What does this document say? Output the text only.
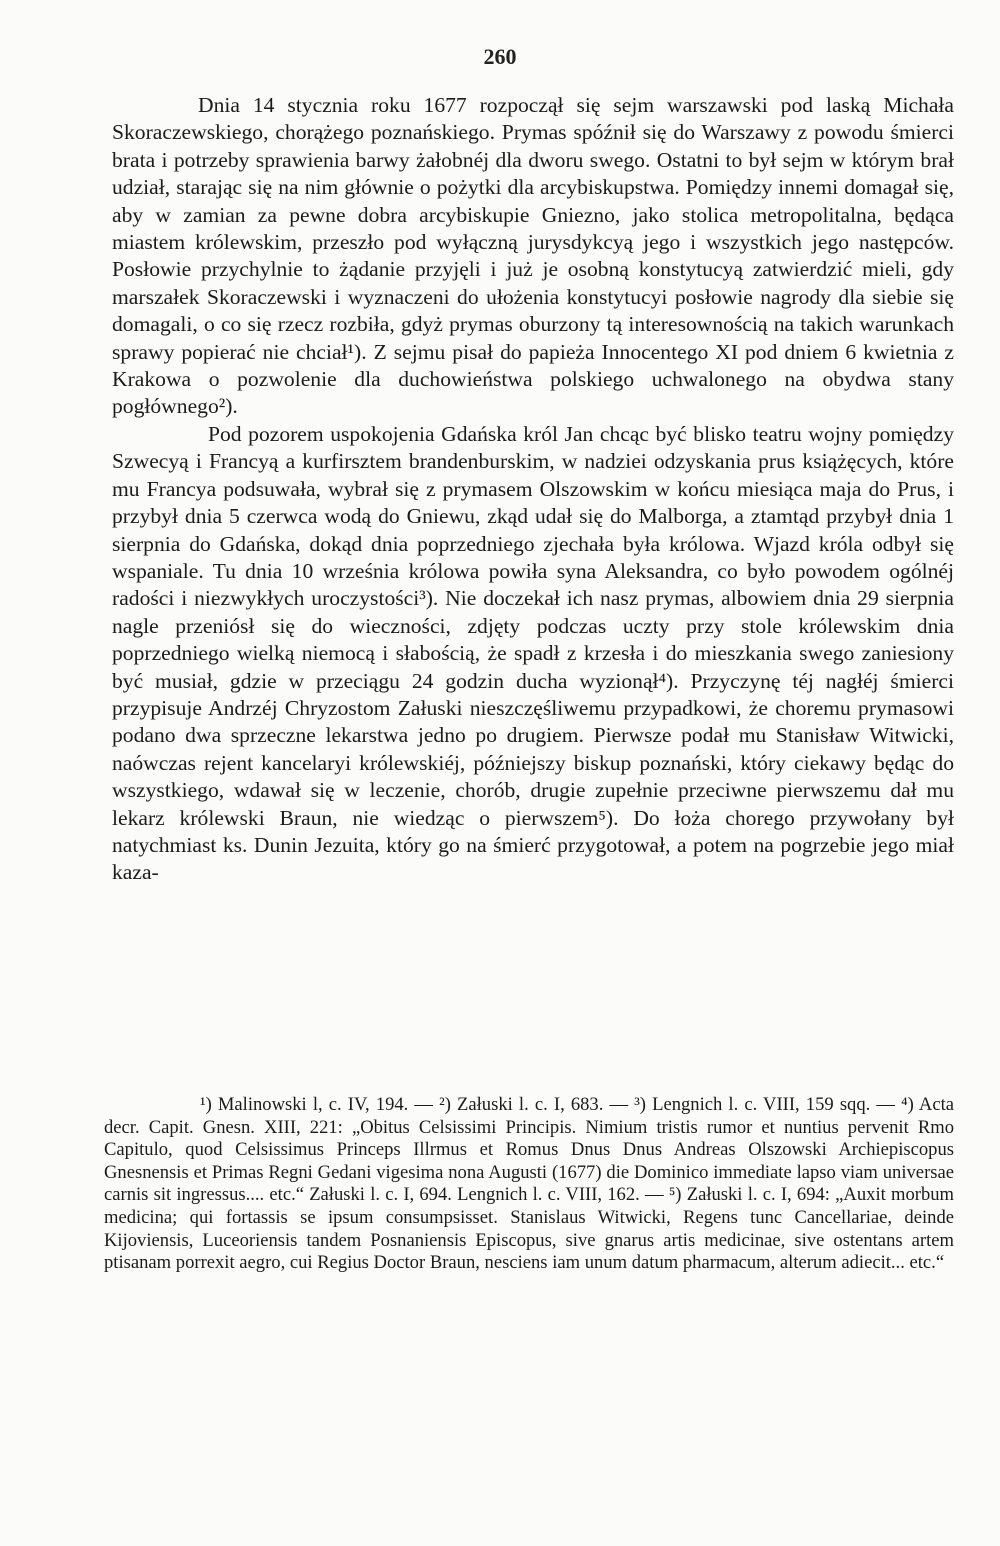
260

Dnia 14 stycznia roku 1677 rozpoczął się sejm warszawski pod laską Michała Skoraczewskiego, chorążego poznańskiego. Prymas spóźnił się do Warszawy z powodu śmierci brata i potrzeby sprawienia barwy żałobnéj dla dworu swego. Ostatni to był sejm w którym brał udział, starając się na nim głównie o pożytki dla arcybiskupstwa. Pomiędzy innemi domagał się, aby w zamian za pewne dobra arcybiskupie Gniezno, jako stolica metropolitalna, będąca miastem królewskim, przeszło pod wyłączną jurysdykcyą jego i wszystkich jego następców. Posłowie przychylnie to żądanie przyjęli i już je osobną konstytucyą zatwierdzić mieli, gdy marszałek Skoraczewski i wyznaczeni do ułożenia konstytucyi posłowie nagrody dla siebie się domagali, o co się rzecz rozbiła, gdyż prymas oburzony tą interesownością na takich warunkach sprawy popierać nie chciał¹). Z sejmu pisał do papieża Innocentego XI pod dniem 6 kwietnia z Krakowa o pozwolenie dla duchowieństwa polskiego uchwalonego na obydwa stany pogłównego²).

Pod pozorem uspokojenia Gdańska król Jan chcąc być blisko teatru wojny pomiędzy Szwecyą i Francyą a kurfirsztem brandenburskim, w nadziei odzyskania prus książęcych, które mu Francya podsuwała, wybrał się z prymasem Olszowskim w końcu miesiąca maja do Prus, i przybył dnia 5 czerwca wodą do Gniewu, zkąd udał się do Malborga, a ztamtąd przybył dnia 1 sierpnia do Gdańska, dokąd dnia poprzedniego zjechała była królowa. Wjazd króla odbył się wspaniale. Tu dnia 10 września królowa powiła syna Aleksandra, co było powodem ogólnéj radości i niezwykłych uroczystości³). Nie doczekał ich nasz prymas, albowiem dnia 29 sierpnia nagle przeniósł się do wieczności, zdjęty podczas uczty przy stole królewskim dnia poprzedniego wielką niemocą i słabością, że spadł z krzesła i do mieszkania swego zaniesiony być musiał, gdzie w przeciągu 24 godzin ducha wyzionął⁴). Przyczynę téj nagłéj śmierci przypisuje Andrzéj Chryzostom Załuski nieszczęśliwemu przypadkowi, że choremu prymasowi podano dwa sprzeczne lekarstwa jedno po drugiem. Pierwsze podał mu Stanisław Witwicki, naówczas rejent kancelaryi królewskiéj, późniejszy biskup poznański, który ciekawy będąc do wszystkiego, wdawał się w leczenie, chorób, drugie zupełnie przeciwne pierwszemu dał mu lekarz królewski Braun, nie wiedząc o pierwszem⁵). Do łoża chorego przywołany był natychmiast ks. Dunin Jezuita, który go na śmierć przygotował, a potem na pogrzebie jego miał kaza-

¹) Malinowski l, c. IV, 194. — ²) Załuski l. c. I, 683. — ³) Lengnich l. c. VIII, 159 sqq. — ⁴) Acta decr. Capit. Gnesn. XIII, 221: „Obitus Celsissimi Principis. Nimium tristis rumor et nuntius pervenit Rmo Capitulo, quod Celsissimus Princeps Illrmus et Romus Dnus Dnus Andreas Olszowski Archiepiscopus Gnesnensis et Primas Regni Gedani vigesima nona Augusti (1677) die Dominico immediate lapso viam universae carnis sit ingressus.... etc.“ Załuski l. c. I, 694. Lengnich l. c. VIII, 162. — ⁵) Załuski l. c. I, 694: „Auxit morbum medicina; qui fortassis se ipsum consumpsisset. Stanislaus Witwicki, Regens tunc Cancellariae, deinde Kijoviensis, Luceoriensis tandem Posnaniensis Episcopus, sive gnarus artis medicinae, sive ostentans artem ptisanam porrexit aegro, cui Regius Doctor Braun, nesciens iam unum datum pharmacum, alterum adiecit... etc.“
